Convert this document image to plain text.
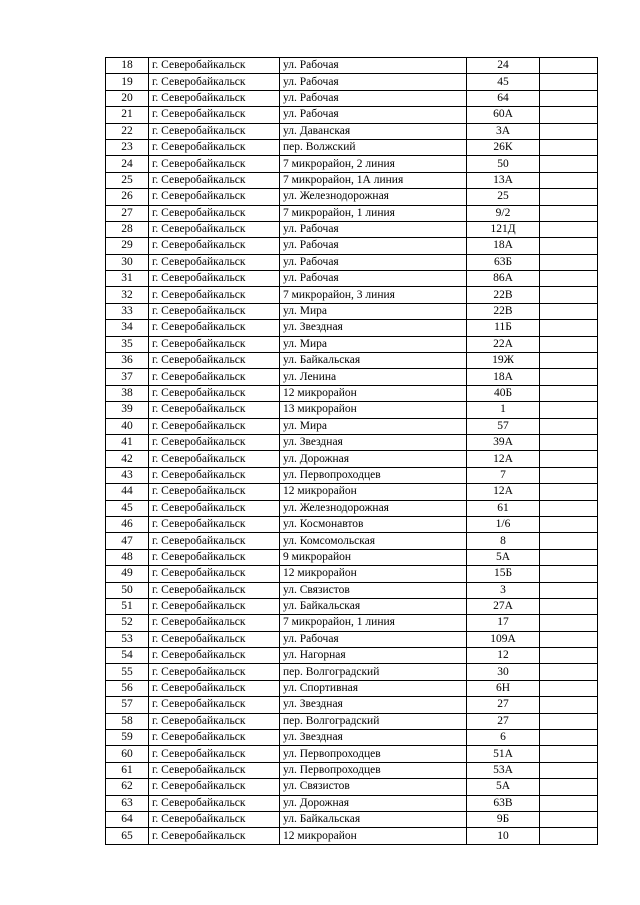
18	г. Северобайкальск	ул. Рабочая	24	
19	г. Северобайкальск	ул. Рабочая	45	
20	г. Северобайкальск	ул. Рабочая	64	
21	г. Северобайкальск	ул. Рабочая	60А	
22	г. Северобайкальск	ул. Даванская	3А	
23	г. Северобайкальск	пер. Волжский	26К	
24	г. Северобайкальск	7 микрорайон, 2 линия	50	
25	г. Северобайкальск	7 микрорайон, 1А линия	13А	
26	г. Северобайкальск	ул. Железнодорожная	25	
27	г. Северобайкальск	7 микрорайон, 1 линия	9/2	
28	г. Северобайкальск	ул. Рабочая	121Д	
29	г. Северобайкальск	ул. Рабочая	18А	
30	г. Северобайкальск	ул. Рабочая	63Б	
31	г. Северобайкальск	ул. Рабочая	86А	
32	г. Северобайкальск	7 микрорайон, 3 линия	22В	
33	г. Северобайкальск	ул. Мира	22В	
34	г. Северобайкальск	ул. Звездная	11Б	
35	г. Северобайкальск	ул. Мира	22А	
36	г. Северобайкальск	ул. Байкальская	19Ж	
37	г. Северобайкальск	ул. Ленина	18А	
38	г. Северобайкальск	12 микрорайон	40Б	
39	г. Северобайкальск	13 микрорайон	1	
40	г. Северобайкальск	ул. Мира	57	
41	г. Северобайкальск	ул. Звездная	39А	
42	г. Северобайкальск	ул. Дорожная	12А	
43	г. Северобайкальск	ул. Первопроходцев	7	
44	г. Северобайкальск	12 микрорайон	12А	
45	г. Северобайкальск	ул. Железнодорожная	61	
46	г. Северобайкальск	ул. Космонавтов	1/6	
47	г. Северобайкальск	ул. Комсомольская	8	
48	г. Северобайкальск	9 микрорайон	5А	
49	г. Северобайкальск	12 микрорайон	15Б	
50	г. Северобайкальск	ул. Связистов	3	
51	г. Северобайкальск	ул. Байкальская	27А	
52	г. Северобайкальск	7 микрорайон, 1 линия	17	
53	г. Северобайкальск	ул. Рабочая	109А	
54	г. Северобайкальск	ул. Нагорная	12	
55	г. Северобайкальск	пер. Волгоградский	30	
56	г. Северобайкальск	ул. Спортивная	6Н	
57	г. Северобайкальск	ул. Звездная	27	
58	г. Северобайкальск	пер. Волгоградский	27	
59	г. Северобайкальск	ул. Звездная	6	
60	г. Северобайкальск	ул. Первопроходцев	51А	
61	г. Северобайкальск	ул. Первопроходцев	53А	
62	г. Северобайкальск	ул. Связистов	5А	
63	г. Северобайкальск	ул. Дорожная	63В	
64	г. Северобайкальск	ул. Байкальская	9Б	
65	г. Северобайкальск	12 микрорайон	10	
